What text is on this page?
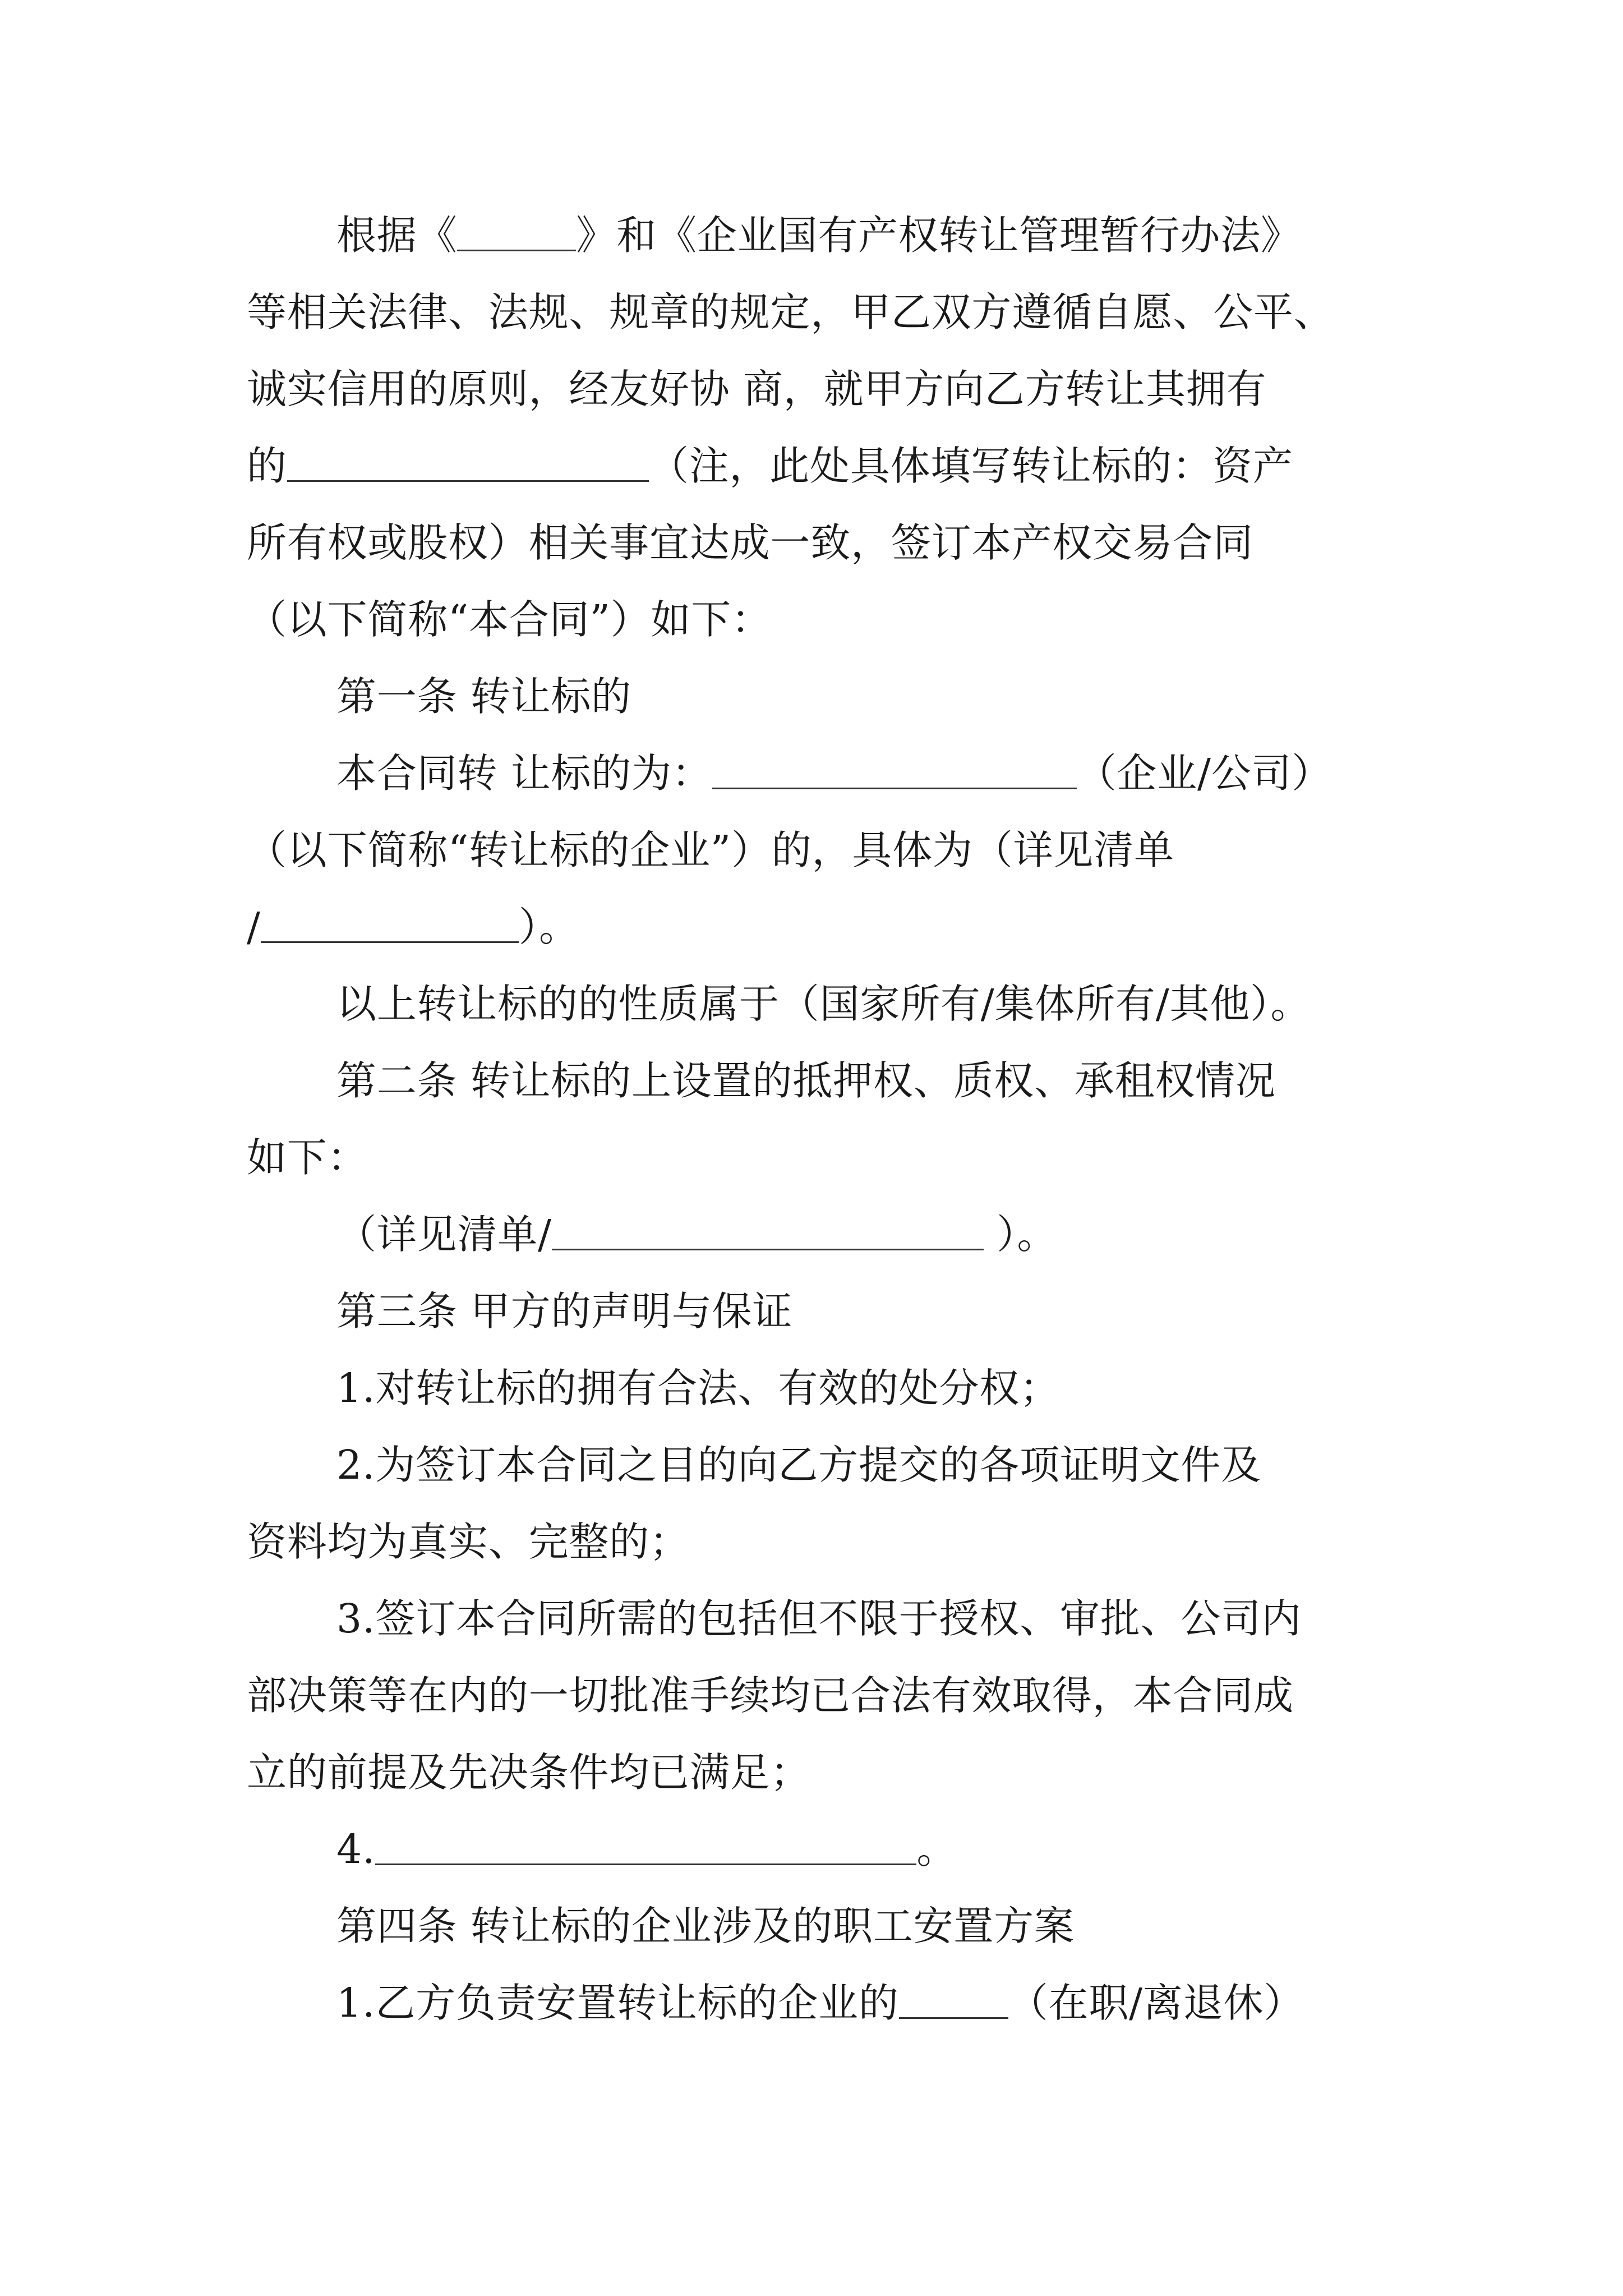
根据《	》和《企业国有产权转让管理暂行办法》
等相关法律、法规、规章的规定，甲乙双方遵循自愿、公平、
诚实信用的原则，经友好协 商，就甲方向乙方转让其拥有
的	（注，此处具体填写转让标的：资产
所有权或股权）相关事宜达成一致，签订本产权交易合同
（以下简称“本合同”）如下：
第一条 转让标的
本合同转 让标的为：	（企业/公司）
（以下简称“转让标的企业”）的，具体为（详见清单
/	）。
以上转让标的的性质属于（国家所有/集体所有/其他）。
第二条 转让标的上设置的抵押权、质权、承租权情况
如下：
（详见清单/	）。
第三条 甲方的声明与保证
1.对转让标的拥有合法、有效的处分权；
2.为签订本合同之目的向乙方提交的各项证明文件及
资料均为真实、完整的；
3.签订本合同所需的包括但不限于授权、审批、公司内
部决策等在内的一切批准手续均已合法有效取得，本合同成
立的前提及先决条件均已满足；
4.	。
第四条 转让标的企业涉及的职工安置方案
1.乙方负责安置转让标的企业的	（在职/离退休）
